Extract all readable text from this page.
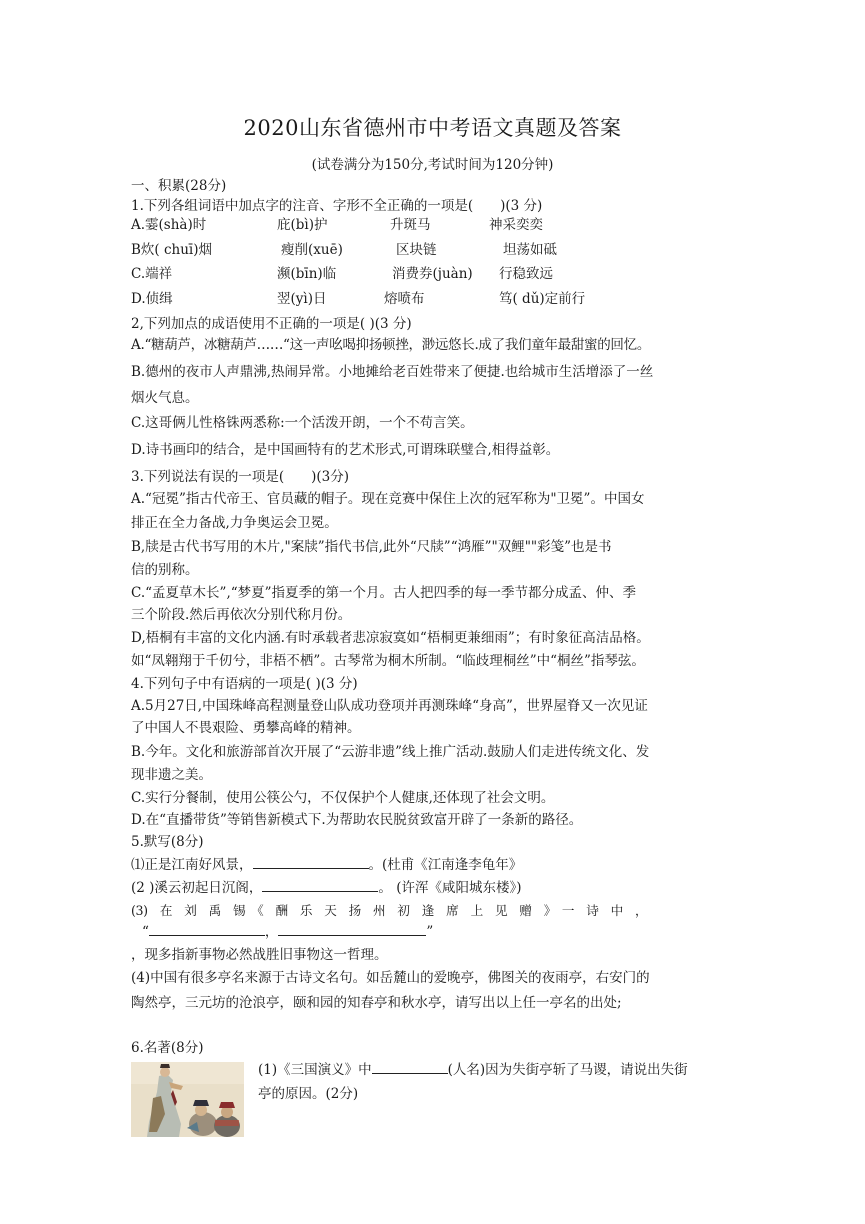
2020山东省德州市中考语文真题及答案
(试卷满分为150分,考试时间为120分钟)
一、积累(28分)
1.下列各组词语中加点字的注音、字形不全正确的一项是(　　)(3 分)
A.霎(shà)时	庇(bì)护	升斑马	神采奕奕
B炊( chuī)烟	瘦削(xuē)	区块链	坦荡如砥
C.端祥	濒(bīn)临	消费券(juàn) 行稳致远
D.侦缉	翌(yì)日	熔喷布	笃( dǔ)定前行
2,下列加点的成语使用不正确的一项是( )(3 分)
A.“糖葫芦，冰糖葫芦……“这一声吆喝抑扬顿挫，渺远悠长.成了我们童年最甜蜜的回忆。
B.德州的夜市人声鼎沸,热闹异常。小地摊给老百姓带来了便捷.也给城市生活增添了一丝
烟火气息。
C.这哥俩儿性格铢两悉称:一个活泼开朗，一个不苟言笑。
D.诗书画印的结合，是中国画特有的艺术形式,可谓珠联璧合,相得益彰。
3.下列说法有误的一项是(　　)(3分)
A.“冠冕”指古代帝王、官员藏的帽子。现在竞赛中保住上次的冠军称为"卫冕”。中国女
排正在全力备战,力争奥运会卫冕。
B,牍是古代书写用的木片,"案牍”指代书信,此外“尺牍”“鸿雁”"双鲤""彩笺”也是书
信的别称。
C.“孟夏草木长”,“梦夏”指夏季的第一个月。古人把四季的每一季节都分成孟、仲、季
三个阶段.然后再依次分别代称月份。
D,梧桐有丰富的文化内涵.有时承载者悲凉寂寞如“梧桐更兼细雨”；有时象征高洁品格。
如“凤翱翔于千仞兮，非梧不栖”。古琴常为桐木所制。“临歧理桐丝”中“桐丝”指琴弦。
4.下列句子中有语病的一项是( )(3 分)
A.5月27日,中国珠峰高程测量登山队成功登项并再测珠峰“身高”，世界屋脊又一次见证
了中国人不畏艰险、勇攀高峰的精神。
B.今年。文化和旅游部首次开展了“云游非遗”线上推广活动.鼓励人们走进传统文化、发
现非遗之美。
C.实行分餐制，使用公筷公勺，不仅保护个人健康,还体现了社会文明。
D.在“直播带货”等销售新模式下.为帮助农民脱贫致富开辟了一条新的路径。
5.默写(8分)
⑴正是江南好风景，	。(杜甫《江南逢李龟年》
(2 )溪云初起日沉阁，	。 (许浑《咸阳城东楼》)
(3)　在　刘　禹　锡　《　酬　乐　天　扬　州　初　逢　席　上　见　赠　》　一　诗　中　，
“	，	”
，现多指新事物必然战胜旧事物这一哲理。
(4)中国有很多亭名来源于古诗文名句。如岳麓山的爱晚亭，佛图关的夜雨亭，右安门的
陶然亭，三元坊的沧浪亭，颐和园的知春亭和秋水亭，请写出以上任一亭名的出处;
6.名著(8分)
(1)《三国演义》中	(人名)因为失街亭斩了马谡，请说出失街
亭的原因。(2分)
